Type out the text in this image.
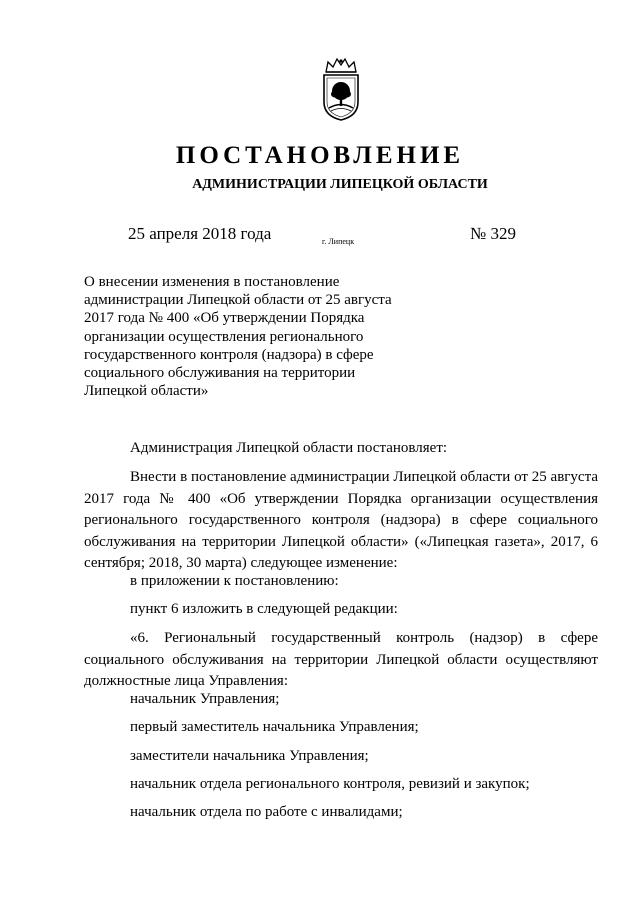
ПОСТАНОВЛЕНИЕ
АДМИНИСТРАЦИИ ЛИПЕЦКОЙ ОБЛАСТИ
25 апреля 2018 года	г. Липецк	№ 329
О внесении изменения в постановление
администрации Липецкой области от 25 августа
2017 года № 400 «Об утверждении Порядка
организации осуществления регионального
государственного контроля (надзора) в сфере
социального обслуживания на территории
Липецкой области»
Администрация Липецкой области постановляет:
Внести в постановление администрации Липецкой области от 25 августа 2017 года № 400 «Об утверждении Порядка организации осуществления регионального государственного контроля (надзора) в сфере социального обслуживания на территории Липецкой области» («Липецкая газета», 2017, 6 сентября; 2018, 30 марта) следующее изменение:
в приложении к постановлению:
пункт 6 изложить в следующей редакции:
«6. Региональный государственный контроль (надзор) в сфере социального обслуживания на территории Липецкой области осуществляют должностные лица Управления:
начальник Управления;
первый заместитель начальника Управления;
заместители начальника Управления;
начальник отдела регионального контроля, ревизий и закупок;
начальник отдела по работе с инвалидами;
